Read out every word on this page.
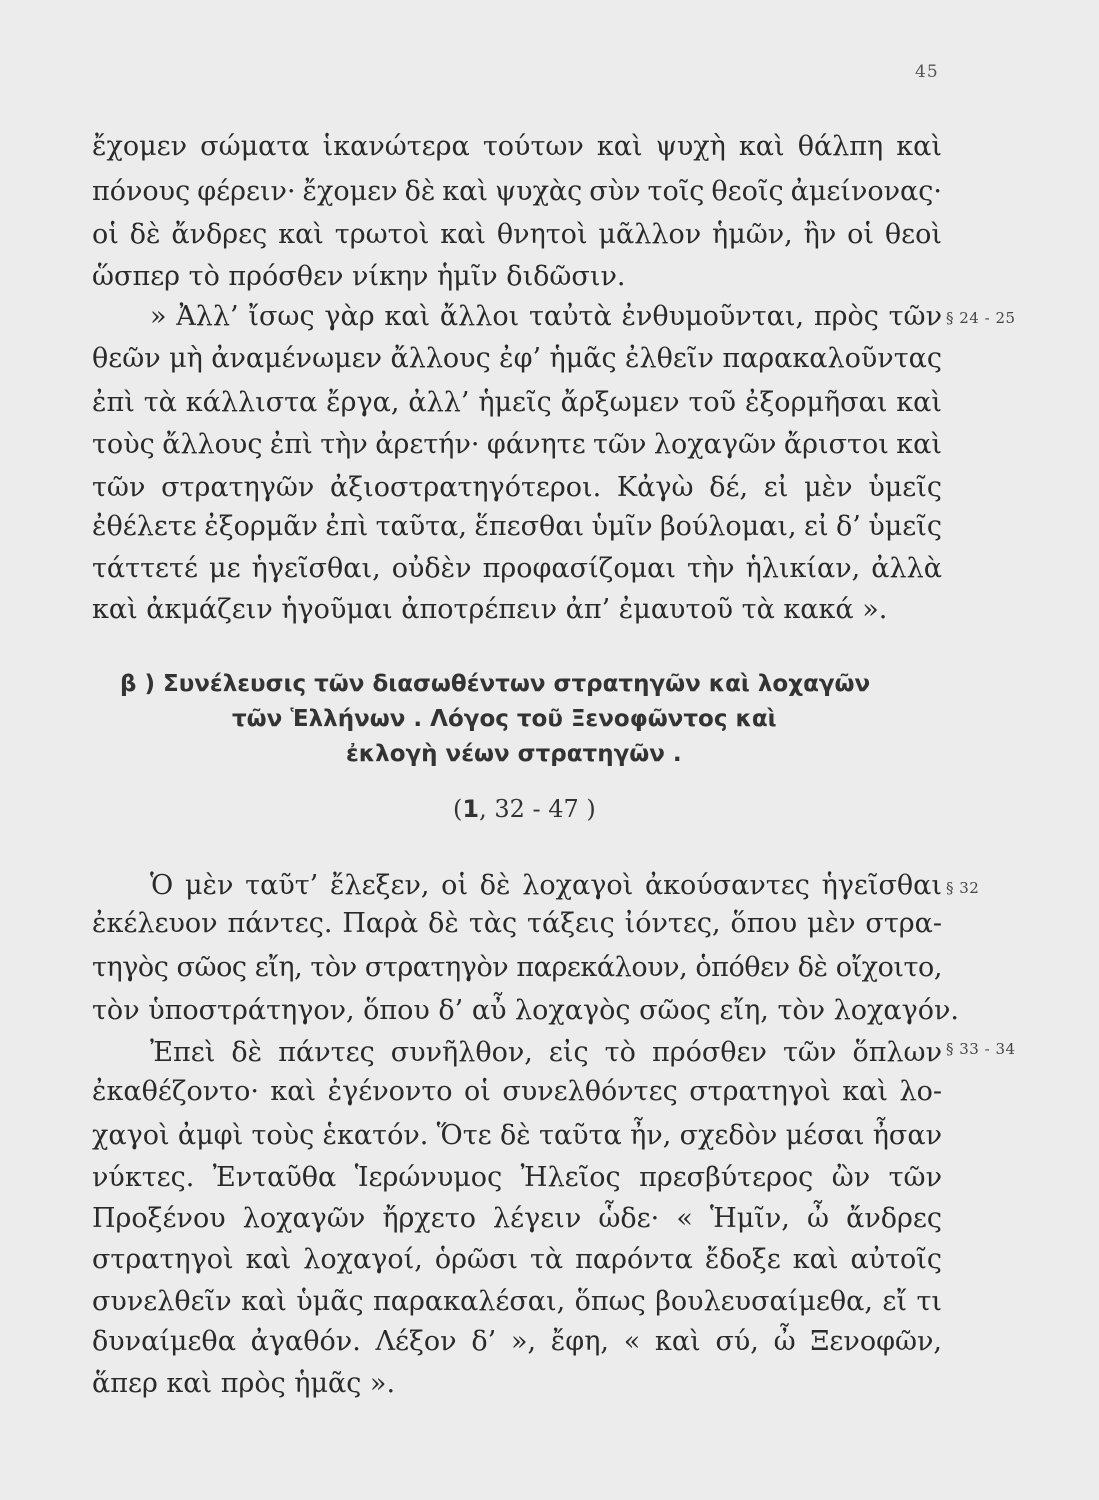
45
ἔχομεν σώματα ἱκανώτερα τούτων καὶ ψυχὴ καὶ θάλπη καὶ
πόνους φέρειν· ἔχομεν δὲ καὶ ψυχὰς σὺν τοῖς θεοῖς ἀμείνονας·
οἱ δὲ ἄνδρες καὶ τρωτοὶ καὶ θνητοὶ μᾶλλον ἡμῶν, ἢν οἱ θεοὶ
ὥσπερ τὸ πρόσθεν νίκην ἡμῖν διδῶσιν.
» Ἀλλ’ ἴσως γὰρ καὶ ἄλλοι ταὐτὰ ἐνθυμοῦνται, πρὸς τῶν § 24 - 25
θεῶν μὴ ἀναμένωμεν ἄλλους ἐφ’ ἡμᾶς ἐλθεῖν παρακαλοῦντας
ἐπὶ τὰ κάλλιστα ἔργα, ἀλλ’ ἡμεῖς ἄρξωμεν τοῦ ἐξορμῆσαι καὶ
τοὺς ἄλλους ἐπὶ τὴν ἀρετήν· φάνητε τῶν λοχαγῶν ἄριστοι καὶ
τῶν στρατηγῶν ἀξιοστρατηγότεροι. Κἀγὼ δέ, εἰ μὲν ὑμεῖς
ἐθέλετε ἐξορμᾶν ἐπὶ ταῦτα, ἕπεσθαι ὑμῖν βούλομαι, εἰ δ’ ὑμεῖς
τάττετέ με ἡγεῖσθαι, οὐδὲν προφασίζομαι τὴν ἡλικίαν, ἀλλὰ
καὶ ἀκμάζειν ἡγοῦμαι ἀποτρέπειν ἀπ’ ἐμαυτοῦ τὰ κακά ».
β ) Συνέλευσις τῶν διασωθέντων στρατηγῶν καὶ λοχαγῶν
τῶν Ἑλλήνων . Λόγος τοῦ Ξενοφῶντος καὶ
ἐκλογὴ νέων στρατηγῶν .
(1, 32 - 47 )
Ὁ μὲν ταῦτ’ ἔλεξεν, οἱ δὲ λοχαγοὶ ἀκούσαντες ἡγεῖσθαι § 32
ἐκέλευον πάντες. Παρὰ δὲ τὰς τάξεις ἰόντες, ὅπου μὲν στρα-
τηγὸς σῶος εἴη, τὸν στρατηγὸν παρεκάλουν, ὁπόθεν δὲ οἴχοιτο,
τὸν ὑποστράτηγον, ὅπου δ’ αὖ λοχαγὸς σῶος εἴη, τὸν λοχαγόν.
Ἐπεὶ δὲ πάντες συνῆλθον, εἰς τὸ πρόσθεν τῶν ὅπλων § 33 - 34
ἐκαθέζοντο· καὶ ἐγένοντο οἱ συνελθόντες στρατηγοὶ καὶ λο-
χαγοὶ ἀμφὶ τοὺς ἑκατόν. Ὅτε δὲ ταῦτα ἦν, σχεδὸν μέσαι ἦσαν
νύκτες. Ἐνταῦθα Ἱερώνυμος Ἠλεῖος πρεσβύτερος ὢν τῶν
Προξένου λοχαγῶν ἤρχετο λέγειν ὧδε· « Ἡμῖν, ὦ ἄνδρες
στρατηγοὶ καὶ λοχαγοί, ὁρῶσι τὰ παρόντα ἔδοξε καὶ αὐτοῖς
συνελθεῖν καὶ ὑμᾶς παρακαλέσαι, ὅπως βουλευσαίμεθα, εἴ τι
δυναίμεθα ἀγαθόν. Λέξον δ’ », ἔφη, « καὶ σύ, ὦ Ξενοφῶν,
ἅπερ καὶ πρὸς ἡμᾶς ».
